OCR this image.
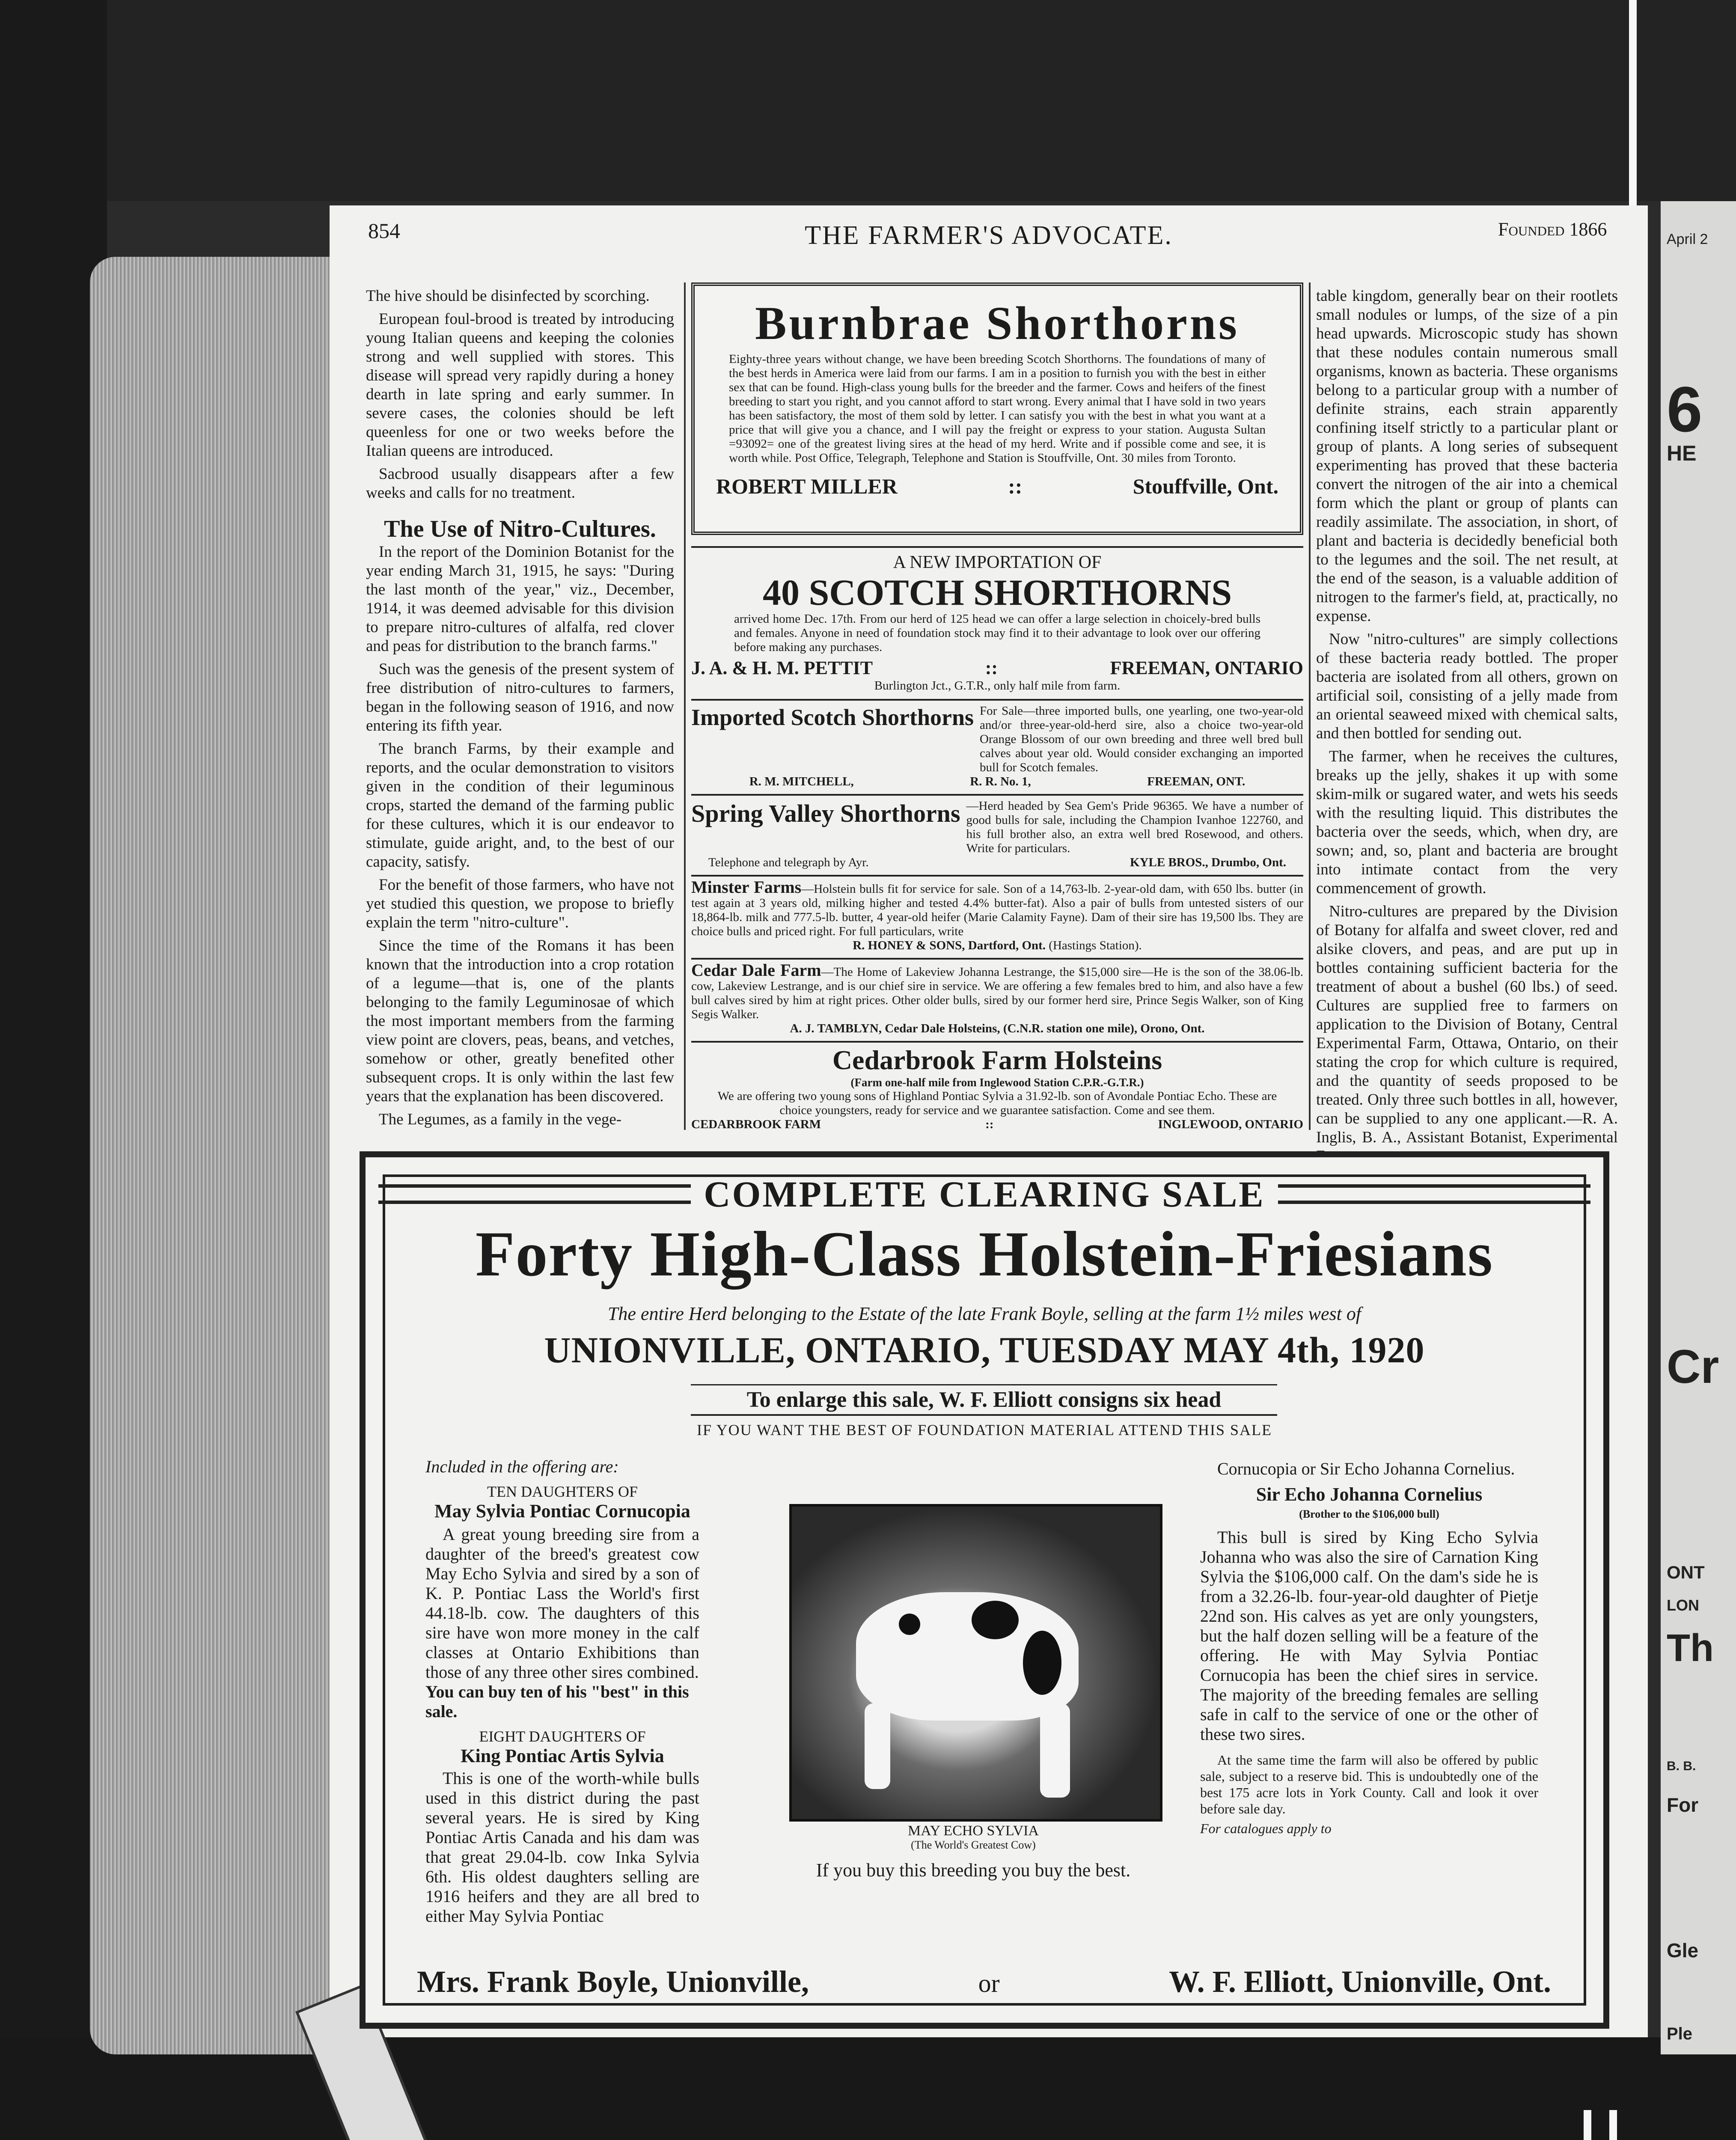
April 2
6
HE
Cr
ONT
LON
Th
B. B.
For
Gle
Ple
854	THE FARMER'S ADVOCATE.	Founded 1866

The hive should be disinfected by scorching.

European foul-brood is treated by introducing young Italian queens and keeping the colonies strong and well supplied with stores. This disease will spread very rapidly during a honey dearth in late spring and early summer. In severe cases, the colonies should be left queenless for one or two weeks before the Italian queens are introduced.

Sacbrood usually disappears after a few weeks and calls for no treatment.

The Use of Nitro-Cultures.

In the report of the Dominion Botanist for the year ending March 31, 1915, he says: "During the last month of the year," viz., December, 1914, it was deemed advisable for this division to prepare nitro-cultures of alfalfa, red clover and peas for distribution to the branch farms."

Such was the genesis of the present system of free distribution of nitro-cultures to farmers, began in the following season of 1916, and now entering its fifth year.

The branch Farms, by their example and reports, and the ocular demonstration to visitors given in the condition of their leguminous crops, started the demand of the farming public for these cultures, which it is our endeavor to stimulate, guide aright, and, to the best of our capacity, satisfy.

For the benefit of those farmers, who have not yet studied this question, we propose to briefly explain the term "nitro-culture".

Since the time of the Romans it has been known that the introduction into a crop rotation of a legume—that is, one of the plants belonging to the family Leguminosae of which the most important members from the farming view point are clovers, peas, beans, and vetches, somehow or other, greatly benefited other subsequent crops. It is only within the last few years that the explanation has been discovered.

The Legumes, as a family in the vege-

Burnbrae Shorthorns
Eighty-three years without change, we have been breeding Scotch Shorthorns. The foundations of many of the best herds in America were laid from our farms. I am in a position to furnish you with the best in either sex that can be found. High-class young bulls for the breeder and the farmer. Cows and heifers of the finest breeding to start you right, and you cannot afford to start wrong. Every animal that I have sold in two years has been satisfactory, the most of them sold by letter. I can satisfy you with the best in what you want at a price that will give you a chance, and I will pay the freight or express to your station. Augusta Sultan =93092= one of the greatest living sires at the head of my herd. Write and if possible come and see, it is worth while. Post Office, Telegraph, Telephone and Station is Stouffville, Ont. 30 miles from Toronto.
ROBERT MILLER	::	Stouffville, Ont.
A NEW IMPORTATION OF
40 SCOTCH SHORTHORNS
arrived home Dec. 17th. From our herd of 125 head we can offer a large selection in choicely-bred bulls and females. Anyone in need of foundation stock may find it to their advantage to look over our offering before making any purchases.
J. A. & H. M. PETTIT	::	FREEMAN, ONTARIO
Burlington Jct., G.T.R., only half mile from farm.
Imported Scotch Shorthorns For Sale—three imported bulls, one yearling, one two-year-old and/or three-year-old-herd sire, also a choice two-year-old Orange Blossom of our own breeding and three well bred bull calves about year old. Would consider exchanging an imported bull for Scotch females.
R. M. MITCHELL,	R. R. No. 1,	FREEMAN, ONT.
Spring Valley Shorthorns —Herd headed by Sea Gem's Pride 96365. We have a number of good bulls for sale, including the Champion Ivanhoe 122760, and his full brother also, an extra well bred Rosewood, and others. Write for particulars.
Telephone and telegraph by Ayr.	KYLE BROS., Drumbo, Ont.
Minster Farms—Holstein bulls fit for service for sale. Son of a 14,763-lb. 2-year-old dam, with 650 lbs. butter (in test again at 3 years old, milking higher and tested 4.4% butter-fat). Also a pair of bulls from untested sisters of our 18,864-lb. milk and 777.5-lb. butter, 4 year-old heifer (Marie Calamity Fayne). Dam of their sire has 19,500 lbs. They are choice bulls and priced right. For full particulars, write
R. HONEY & SONS, Dartford, Ont. (Hastings Station).
Cedar Dale Farm—The Home of Lakeview Johanna Lestrange, the $15,000 sire—He is the son of the 38.06-lb. cow, Lakeview Lestrange, and is our chief sire in service. We are offering a few females bred to him, and also have a few bull calves sired by him at right prices. Other older bulls, sired by our former herd sire, Prince Segis Walker, son of King Segis Walker.
A. J. TAMBLYN, Cedar Dale Holsteins, (C.N.R. station one mile), Orono, Ont.
Cedarbrook Farm Holsteins
(Farm one-half mile from Inglewood Station C.P.R.-G.T.R.)
We are offering two young sons of Highland Pontiac Sylvia a 31.92-lb. son of Avondale Pontiac Echo. These are choice youngsters, ready for service and we guarantee satisfaction. Come and see them.
CEDARBROOK FARM	::	INGLEWOOD, ONTARIO

table kingdom, generally bear on their rootlets small nodules or lumps, of the size of a pin head upwards. Microscopic study has shown that these nodules contain numerous small organisms, known as bacteria. These organisms belong to a particular group with a number of definite strains, each strain apparently confining itself strictly to a particular plant or group of plants. A long series of subsequent experimenting has proved that these bacteria convert the nitrogen of the air into a chemical form which the plant or group of plants can readily assimilate. The association, in short, of plant and bacteria is decidedly beneficial both to the legumes and the soil. The net result, at the end of the season, is a valuable addition of nitrogen to the farmer's field, at, practically, no expense.

Now "nitro-cultures" are simply collections of these bacteria ready bottled. The proper bacteria are isolated from all others, grown on artificial soil, consisting of a jelly made from an oriental seaweed mixed with chemical salts, and then bottled for sending out.

The farmer, when he receives the cultures, breaks up the jelly, shakes it up with some skim-milk or sugared water, and wets his seeds with the resulting liquid. This distributes the bacteria over the seeds, which, when dry, are sown; and, so, plant and bacteria are brought into intimate contact from the very commencement of growth.

Nitro-cultures are prepared by the Division of Botany for alfalfa and sweet clover, red and alsike clovers, and peas, and are put up in bottles containing sufficient bacteria for the treatment of about a bushel (60 lbs.) of seed. Cultures are supplied free to farmers on application to the Division of Botany, Central Experimental Farm, Ottawa, Ontario, on their stating the crop for which culture is required, and the quantity of seeds proposed to be treated. Only three such bottles in all, however, can be supplied to any one applicant.—R. A. Inglis, B. A., Assistant Botanist, Experimental

COMPLETE CLEARING SALE
Forty High-Class Holstein-Friesians
The entire Herd belonging to the Estate of the late Frank Boyle, selling at the farm 1½ miles west of
UNIONVILLE, ONTARIO, TUESDAY MAY 4th, 1920
To enlarge this sale, W. F. Elliott consigns six head
IF YOU WANT THE BEST OF FOUNDATION MATERIAL ATTEND THIS SALE
Included in the offering are:
TEN DAUGHTERS OF
May Sylvia Pontiac Cornucopia
A great young breeding sire from a daughter of the breed's greatest cow May Echo Sylvia and sired by a son of K. P. Pontiac Lass the World's first 44.18-lb. cow. The daughters of this sire have won more money in the calf classes at Ontario Exhibitions than those of any three other sires combined.
You can buy ten of his "best" in this sale.
EIGHT DAUGHTERS OF
King Pontiac Artis Sylvia
This is one of the worth-while bulls used in this district during the past several years. He is sired by King Pontiac Artis Canada and his dam was that great 29.04-lb. cow Inka Sylvia 6th. His oldest daughters selling are 1916 heifers and they are all bred to either May Sylvia Pontiac
MAY ECHO SYLVIA
(The World's Greatest Cow)
If you buy this breeding you buy the best.
Cornucopia or Sir Echo Johanna Cornelius.
Sir Echo Johanna Cornelius
(Brother to the $106,000 bull)
This bull is sired by King Echo Sylvia Johanna who was also the sire of Carnation King Sylvia the $106,000 calf. On the dam's side he is from a 32.26-lb. four-year-old daughter of Pietje 22nd son. His calves as yet are only youngsters, but the half dozen selling will be a feature of the offering. He with May Sylvia Pontiac Cornucopia has been the chief sires in service. The majority of the breeding females are selling safe in calf to the service of one or the other of these two sires.
At the same time the farm will also be offered by public sale, subject to a reserve bid. This is undoubtedly one of the best 175 acre lots in York County. Call and look it over before sale day.
For catalogues apply to
Mrs. Frank Boyle, Unionville,	or	W. F. Elliott, Unionville, Ont.
